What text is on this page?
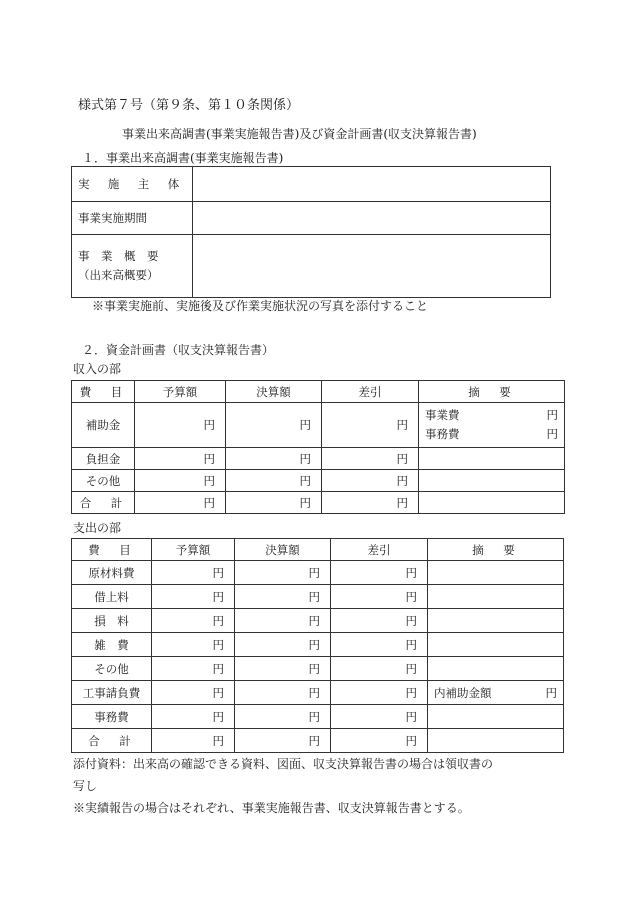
様式第７号（第９条、第１０条関係）
事業出来高調書(事業実施報告書)及び資金計画書(収支決算報告書)
１．事業出来高調書(事業実施報告書)
実　施　主　体	
事業実施期間	

事　業　概　要
（出来高概要）	

※事業実施前、実施後及び作業実施状況の写真を添付すること
２．資金計画書（収支決算報告書）
収入の部
費　目	予算額	決算額	差引	摘　要
補助金	円	円	円	事業費 円
事務費 円

負担金	円	円	円	
その他	円	円	円	
合　計	円	円	円	
支出の部
費　目	予算額	決算額	差引	摘　要
原材料費	円	円	円	
借上料	円	円	円	
損　料	円	円	円	
雑　費	円	円	円	
その他	円	円	円	
工事請負費	円	円	円	内補助金額 円

事務費	円	円	円	
合　計	円	円	円	
添付資料：出来高の確認できる資料、図面、収支決算報告書の場合は領収書の
写し
※実績報告の場合はそれぞれ、事業実施報告書、収支決算報告書とする。
